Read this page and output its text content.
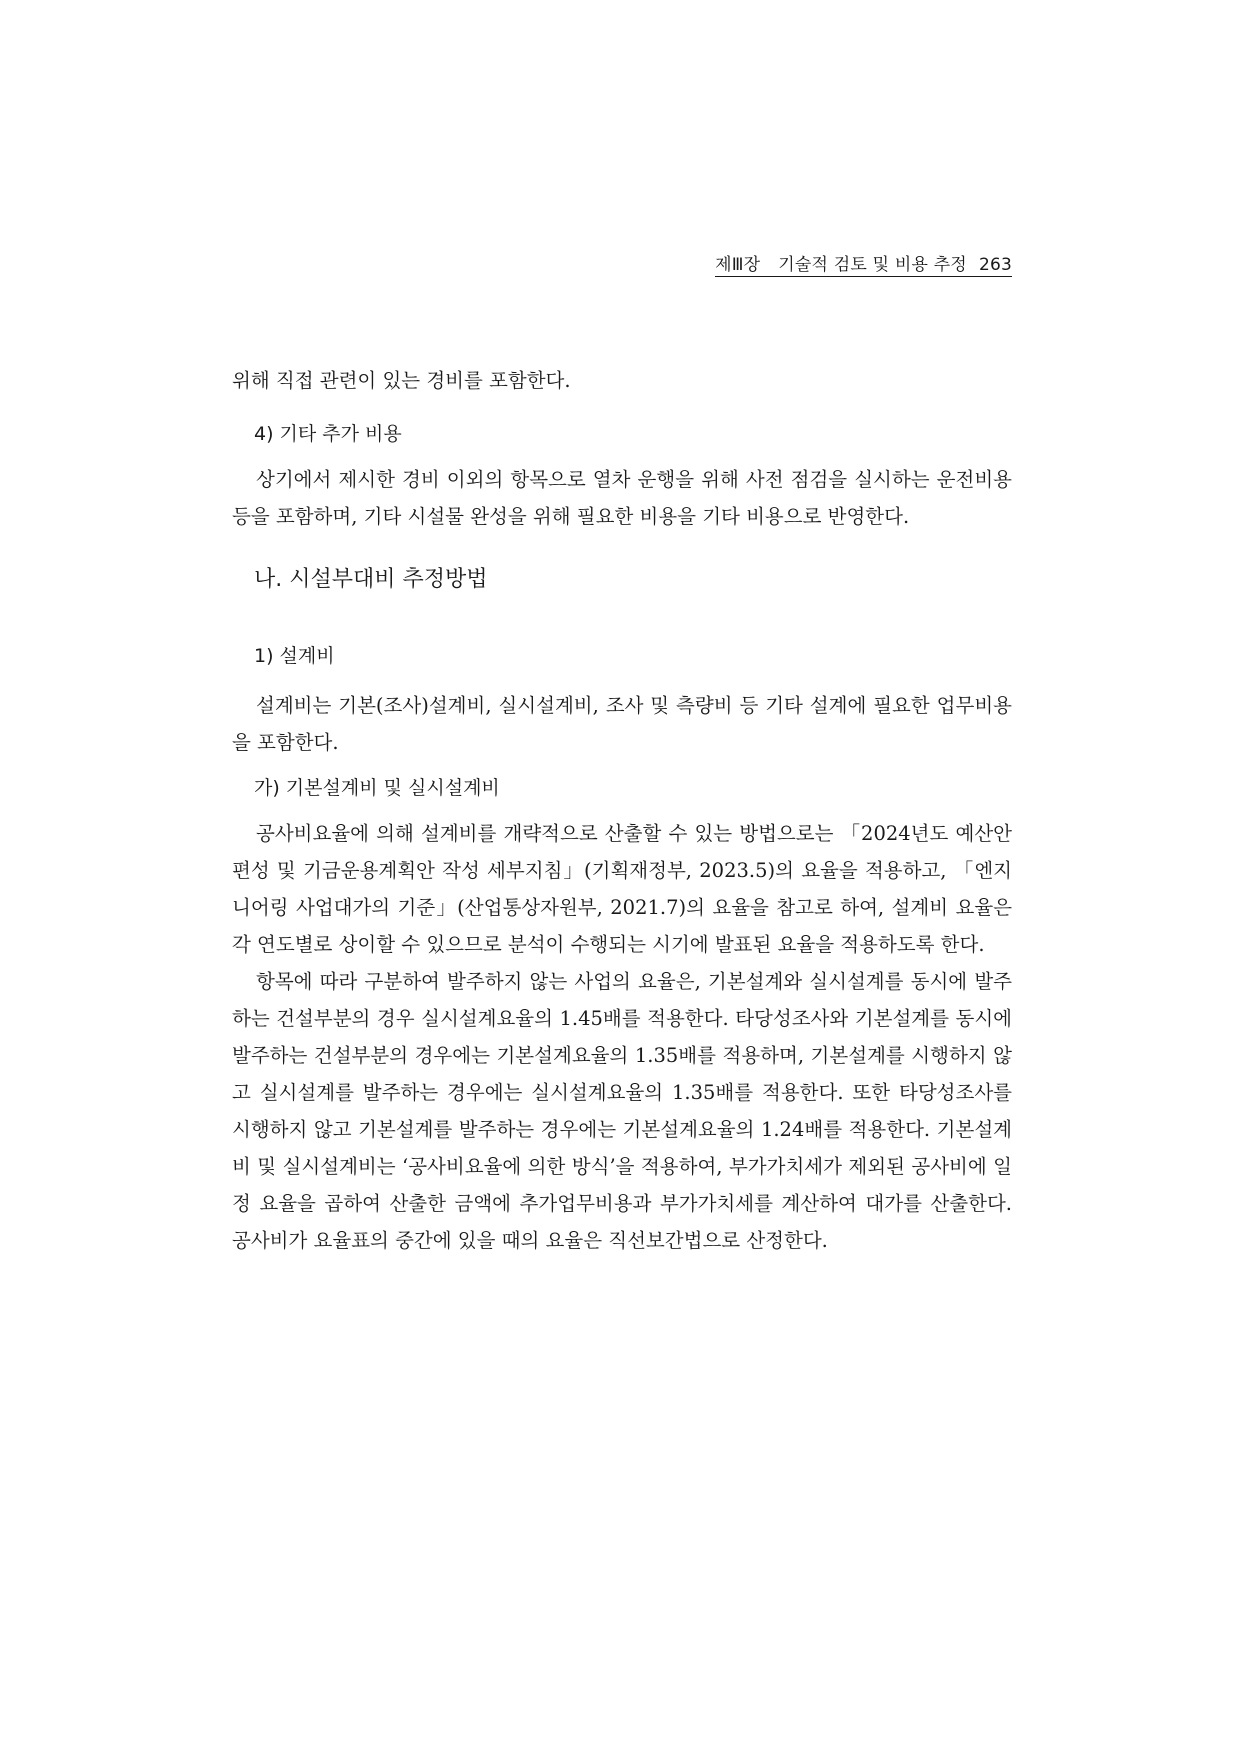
제Ⅲ장 기술적 검토 및 비용 추정 263

위해 직접 관련이 있는 경비를 포함한다.

4) 기타 추가 비용

상기에서 제시한 경비 이외의 항목으로 열차 운행을 위해 사전 점검을 실시하는 운전비용 등을 포함하며, 기타 시설물 완성을 위해 필요한 비용을 기타 비용으로 반영한다.

나. 시설부대비 추정방법

1) 설계비

설계비는 기본(조사)설계비, 실시설계비, 조사 및 측량비 등 기타 설계에 필요한 업무비용을 포함한다.

가) 기본설계비 및 실시설계비

공사비요율에 의해 설계비를 개략적으로 산출할 수 있는 방법으로는 「2024년도 예산안 편성 및 기금운용계획안 작성 세부지침」(기획재정부, 2023.5)의 요율을 적용하고, 「엔지니어링 사업대가의 기준」(산업통상자원부, 2021.7)의 요율을 참고로 하여, 설계비 요율은 각 연도별로 상이할 수 있으므로 분석이 수행되는 시기에 발표된 요율을 적용하도록 한다.

항목에 따라 구분하여 발주하지 않는 사업의 요율은, 기본설계와 실시설계를 동시에 발주하는 건설부분의 경우 실시설계요율의 1.45배를 적용한다. 타당성조사와 기본설계를 동시에 발주하는 건설부분의 경우에는 기본설계요율의 1.35배를 적용하며, 기본설계를 시행하지 않고 실시설계를 발주하는 경우에는 실시설계요율의 1.35배를 적용한다. 또한 타당성조사를 시행하지 않고 기본설계를 발주하는 경우에는 기본설계요율의 1.24배를 적용한다. 기본설계비 및 실시설계비는 ‘공사비요율에 의한 방식’을 적용하여, 부가가치세가 제외된 공사비에 일정 요율을 곱하여 산출한 금액에 추가업무비용과 부가가치세를 계산하여 대가를 산출한다. 공사비가 요율표의 중간에 있을 때의 요율은 직선보간법으로 산정한다.
